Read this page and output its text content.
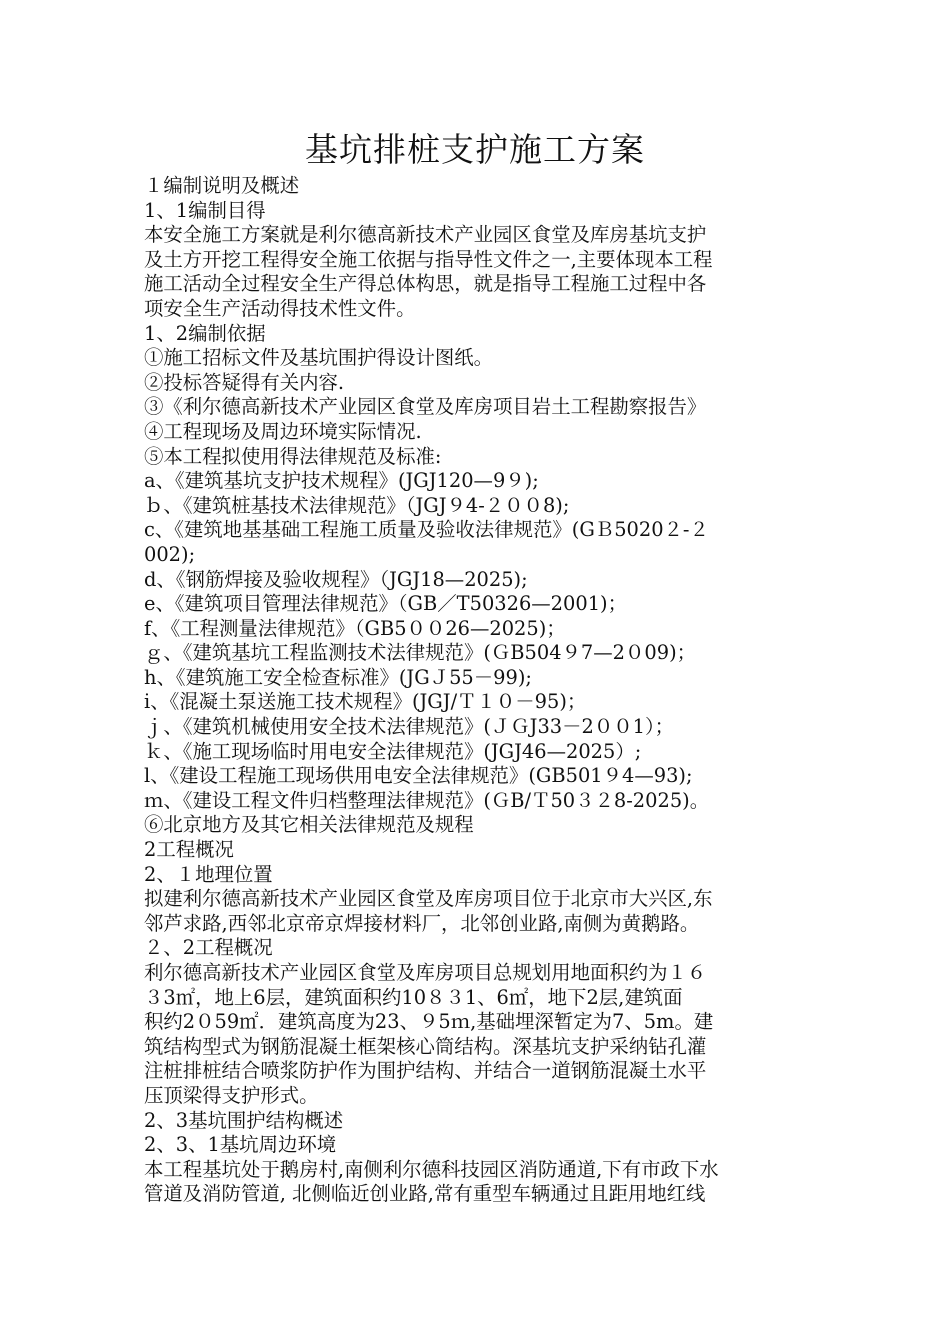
基坑排桩支护施工方案
１编制说明及概述
1、1编制目得
本安全施工方案就是利尔德高新技术产业园区食堂及库房基坑支护
及土方开挖工程得安全施工依据与指导性文件之一,主要体现本工程
施工活动全过程安全生产得总体构思，就是指导工程施工过程中各
项安全生产活动得技术性文件。
1、2编制依据
①施工招标文件及基坑围护得设计图纸。
②投标答疑得有关内容.
③《利尔德高新技术产业园区食堂及库房项目岩土工程勘察报告》
④工程现场及周边环境实际情况.
⑤本工程拟使用得法律规范及标准:
a、《建筑基坑支护技术规程》(JGJ120—9９);
ｂ、《建筑桩基技术法律规范》（JGJ９4-２００8);
c、《建筑地基基础工程施工质量及验收法律规范》(GＢ5020２-２
002);
d、《钢筋焊接及验收规程》（JGJ18—2025);
e、《建筑项目管理法律规范》（GB／T50326—2001)；
f、《工程测量法律规范》（GB5００26—2025)；
ｇ、《建筑基坑工程监测技术法律规范》(ＧB504９7—2０09)；
h、《建筑施工安全检查标准》(JGＪ55－99);
i、《混凝土泵送施工技术规程》(JGJ/Ｔ１０－95)；
ｊ、《建筑机械使用安全技术法律规范》(ＪＧJ33－2００1）；
ｋ、《施工现场临时用电安全法律规范》(JGJ46—2025）;
l、《建设工程施工现场供用电安全法律规范》(GB501９4—93);
ｍ、《建设工程文件归档整理法律规范》(ＧB/Ｔ50３２8-2025)。
⑥北京地方及其它相关法律规范及规程
2工程概况
2、１地理位置
拟建利尔德高新技术产业园区食堂及库房项目位于北京市大兴区,东
邻芦求路,西邻北京帝京焊接材料厂，北邻创业路,南侧为黄鹅路。
２、2工程概况
利尔德高新技术产业园区食堂及库房项目总规划用地面积约为１６
３3㎡，地上6层，建筑面积约10８３1、6㎡，地下2层,建筑面
积约2０59㎡．建筑高度为23、９5ｍ,基础埋深暂定为7、5m。建
筑结构型式为钢筋混凝土框架核心筒结构。深基坑支护采纳钻孔灌
注桩排桩结合喷浆防护作为围护结构、并结合一道钢筋混凝土水平
压顶梁得支护形式。
2、3基坑围护结构概述
2、3、1基坑周边环境
本工程基坑处于鹅房村,南侧利尔德科技园区消防通道,下有市政下水
管道及消防管道, 北侧临近创业路,常有重型车辆通过且距用地红线
